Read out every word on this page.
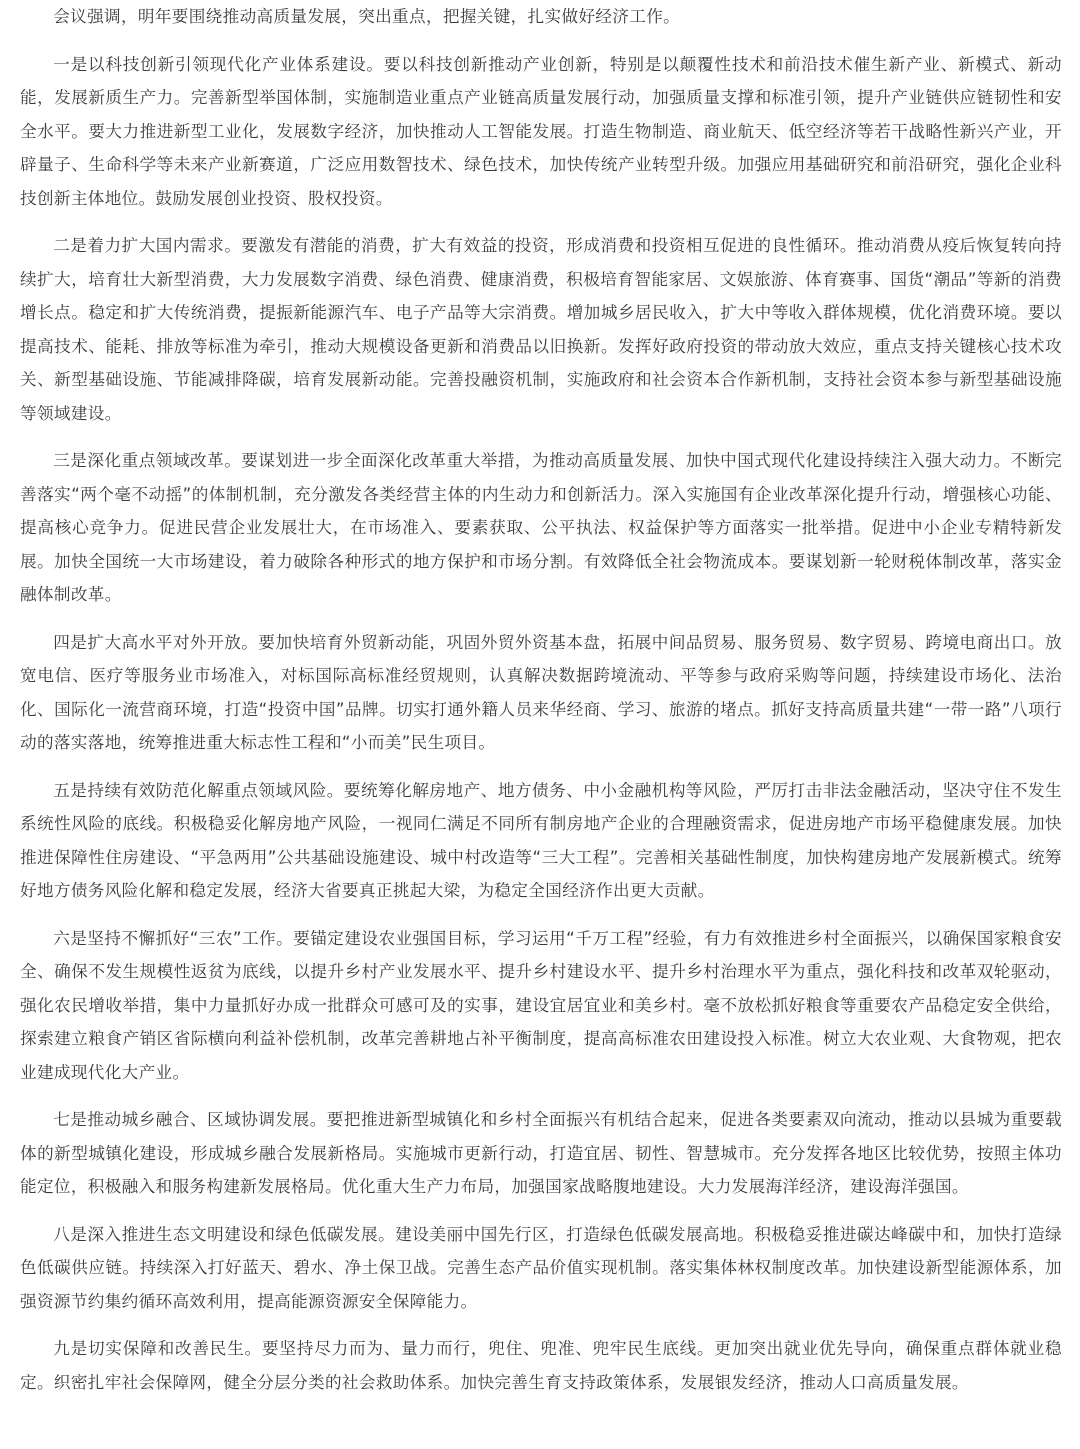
会议强调，明年要围绕推动高质量发展，突出重点，把握关键，扎实做好经济工作。

一是以科技创新引领现代化产业体系建设。要以科技创新推动产业创新，特别是以颠覆性技术和前沿技术催生新产业、新模式、新动能，发展新质生产力。完善新型举国体制，实施制造业重点产业链高质量发展行动，加强质量支撑和标准引领，提升产业链供应链韧性和安全水平。要大力推进新型工业化，发展数字经济，加快推动人工智能发展。打造生物制造、商业航天、低空经济等若干战略性新兴产业，开辟量子、生命科学等未来产业新赛道，广泛应用数智技术、绿色技术，加快传统产业转型升级。加强应用基础研究和前沿研究，强化企业科技创新主体地位。鼓励发展创业投资、股权投资。

二是着力扩大国内需求。要激发有潜能的消费，扩大有效益的投资，形成消费和投资相互促进的良性循环。推动消费从疫后恢复转向持续扩大，培育壮大新型消费，大力发展数字消费、绿色消费、健康消费，积极培育智能家居、文娱旅游、体育赛事、国货“潮品”等新的消费增长点。稳定和扩大传统消费，提振新能源汽车、电子产品等大宗消费。增加城乡居民收入，扩大中等收入群体规模，优化消费环境。要以提高技术、能耗、排放等标准为牵引，推动大规模设备更新和消费品以旧换新。发挥好政府投资的带动放大效应，重点支持关键核心技术攻关、新型基础设施、节能减排降碳，培育发展新动能。完善投融资机制，实施政府和社会资本合作新机制，支持社会资本参与新型基础设施等领域建设。

三是深化重点领域改革。要谋划进一步全面深化改革重大举措，为推动高质量发展、加快中国式现代化建设持续注入强大动力。不断完善落实“两个毫不动摇”的体制机制，充分激发各类经营主体的内生动力和创新活力。深入实施国有企业改革深化提升行动，增强核心功能、提高核心竞争力。促进民营企业发展壮大，在市场准入、要素获取、公平执法、权益保护等方面落实一批举措。促进中小企业专精特新发展。加快全国统一大市场建设，着力破除各种形式的地方保护和市场分割。有效降低全社会物流成本。要谋划新一轮财税体制改革，落实金融体制改革。

四是扩大高水平对外开放。要加快培育外贸新动能，巩固外贸外资基本盘，拓展中间品贸易、服务贸易、数字贸易、跨境电商出口。放宽电信、医疗等服务业市场准入，对标国际高标准经贸规则，认真解决数据跨境流动、平等参与政府采购等问题，持续建设市场化、法治化、国际化一流营商环境，打造“投资中国”品牌。切实打通外籍人员来华经商、学习、旅游的堵点。抓好支持高质量共建“一带一路”八项行动的落实落地，统筹推进重大标志性工程和“小而美”民生项目。

五是持续有效防范化解重点领域风险。要统筹化解房地产、地方债务、中小金融机构等风险，严厉打击非法金融活动，坚决守住不发生系统性风险的底线。积极稳妥化解房地产风险，一视同仁满足不同所有制房地产企业的合理融资需求，促进房地产市场平稳健康发展。加快推进保障性住房建设、“平急两用”公共基础设施建设、城中村改造等“三大工程”。完善相关基础性制度，加快构建房地产发展新模式。统筹好地方债务风险化解和稳定发展，经济大省要真正挑起大梁，为稳定全国经济作出更大贡献。

六是坚持不懈抓好“三农”工作。要锚定建设农业强国目标，学习运用“千万工程”经验，有力有效推进乡村全面振兴，以确保国家粮食安全、确保不发生规模性返贫为底线，以提升乡村产业发展水平、提升乡村建设水平、提升乡村治理水平为重点，强化科技和改革双轮驱动，强化农民增收举措，集中力量抓好办成一批群众可感可及的实事，建设宜居宜业和美乡村。毫不放松抓好粮食等重要农产品稳定安全供给，探索建立粮食产销区省际横向利益补偿机制，改革完善耕地占补平衡制度，提高高标准农田建设投入标准。树立大农业观、大食物观，把农业建成现代化大产业。

七是推动城乡融合、区域协调发展。要把推进新型城镇化和乡村全面振兴有机结合起来，促进各类要素双向流动，推动以县城为重要载体的新型城镇化建设，形成城乡融合发展新格局。实施城市更新行动，打造宜居、韧性、智慧城市。充分发挥各地区比较优势，按照主体功能定位，积极融入和服务构建新发展格局。优化重大生产力布局，加强国家战略腹地建设。大力发展海洋经济，建设海洋强国。

八是深入推进生态文明建设和绿色低碳发展。建设美丽中国先行区，打造绿色低碳发展高地。积极稳妥推进碳达峰碳中和，加快打造绿色低碳供应链。持续深入打好蓝天、碧水、净土保卫战。完善生态产品价值实现机制。落实集体林权制度改革。加快建设新型能源体系，加强资源节约集约循环高效利用，提高能源资源安全保障能力。

九是切实保障和改善民生。要坚持尽力而为、量力而行，兜住、兜准、兜牢民生底线。更加突出就业优先导向，确保重点群体就业稳定。织密扎牢社会保障网，健全分层分类的社会救助体系。加快完善生育支持政策体系，发展银发经济，推动人口高质量发展。
